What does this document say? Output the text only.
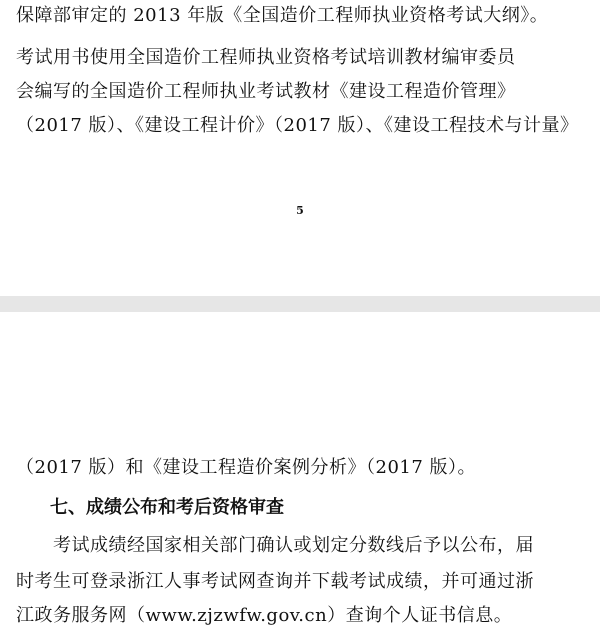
保障部审定的 2013 年版《全国造价工程师执业资格考试大纲》。
考试用书使用全国造价工程师执业资格考试培训教材编审委员
会编写的全国造价工程师执业考试教材《建设工程造价管理》
（2017 版）、《建设工程计价》（2017 版）、《建设工程技术与计量》
5
（2017 版）和《建设工程造价案例分析》（2017 版）。
七、成绩公布和考后资格审查
　　考试成绩经国家相关部门确认或划定分数线后予以公布，届
时考生可登录浙江人事考试网查询并下载考试成绩，并可通过浙
江政务服务网（www.zjzwfw.gov.cn）查询个人证书信息。
